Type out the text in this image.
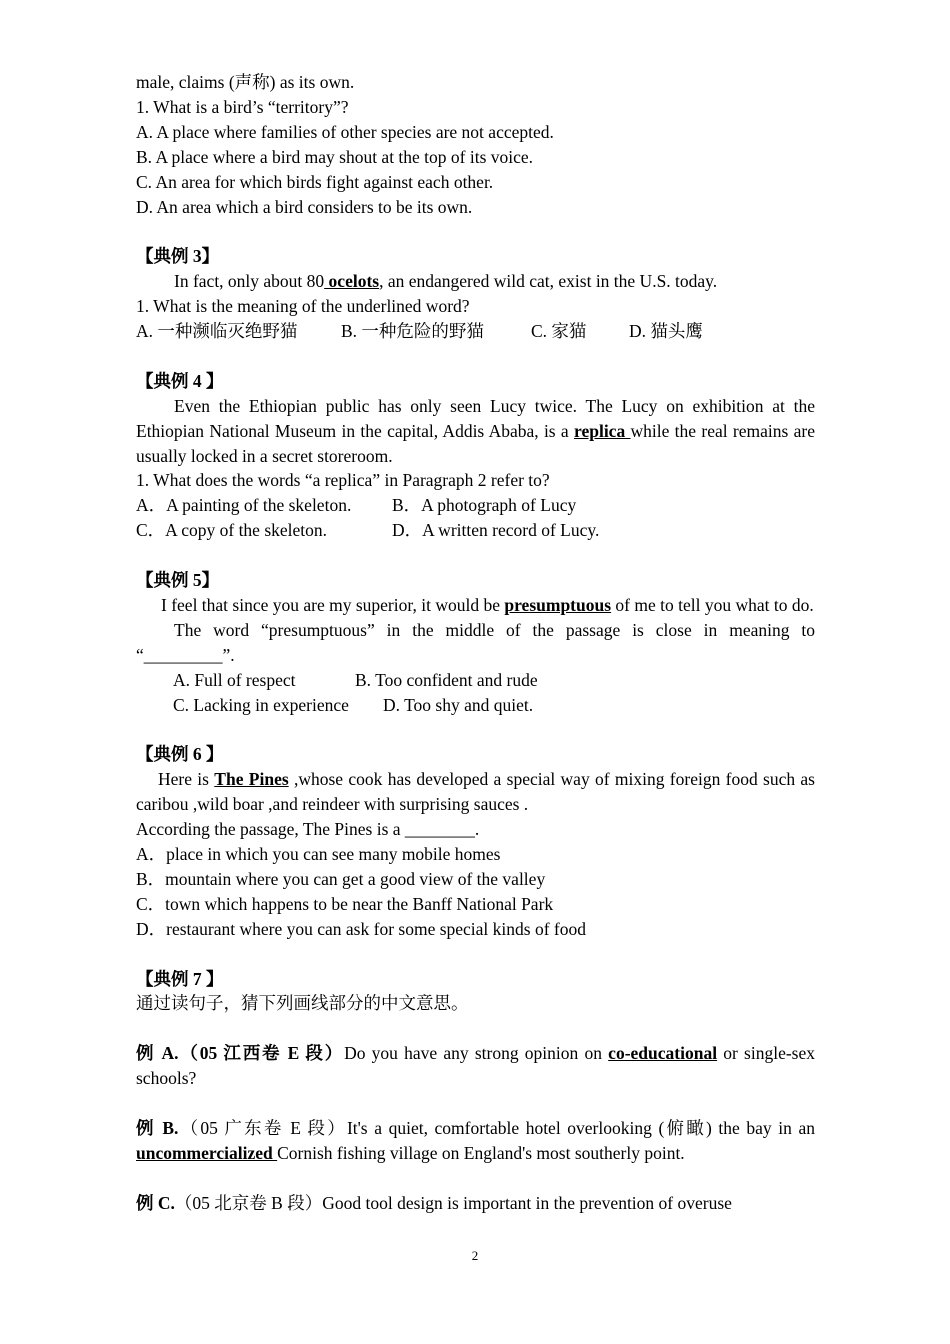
male, claims (声称) as its own.
1. What is a bird’s “territory”?
A. A place where families of other species are not accepted.
B. A place where a bird may shout at the top of its voice.
C. An area for which birds fight against each other.
D. An area which a bird considers to be its own.
【典例 3】
In fact, only about 80 ocelots, an endangered wild cat, exist in the U.S. today.
1. What is the meaning of the underlined word?
A. 一种濒临灭绝野猫 B. 一种危险的野猫	C. 家猫 D. 猫头鹰
【典例 4 】
Even the Ethiopian public has only seen Lucy twice. The Lucy on exhibition at the Ethiopian National Museum in the capital, Addis Ababa, is a replica while the real remains are usually locked in a secret storeroom.
1. What does the words “a replica” in Paragraph 2 refer to?
A．A painting of the skeleton. B．A photograph of Lucy
C．A copy of the skeleton.	D．A written record of Lucy.
【典例 5】
I feel that since you are my superior, it would be presumptuous of me to tell you what to do.
The word “presumptuous” in the middle of the passage is close in meaning to “_________”.
A. Full of respect	B. Too confident and rude
C. Lacking in experience D. Too shy and quiet.
【典例 6 】
Here is The Pines ,whose cook has developed a special way of mixing foreign food such as caribou ,wild boar ,and reindeer with surprising sauces .
According the passage, The Pines is a ________.
A．place in which you can see many mobile homes
B．mountain where you can get a good view of the valley
C．town which happens to be near the Banff National Park
D．restaurant where you can ask for some special kinds of food
【典例 7 】
通过读句子，猜下列画线部分的中文意思。
例 A.（05 江西卷 E 段）Do you have any strong opinion on co-educational or single-sex schools?
例 B.（05 广东卷 E 段）It's a quiet, comfortable hotel overlooking (俯瞰) the bay in an uncommercialized Cornish fishing village on England's most southerly point.
例 C.（05 北京卷 B 段）Good tool design is important in the prevention of overuse
2
